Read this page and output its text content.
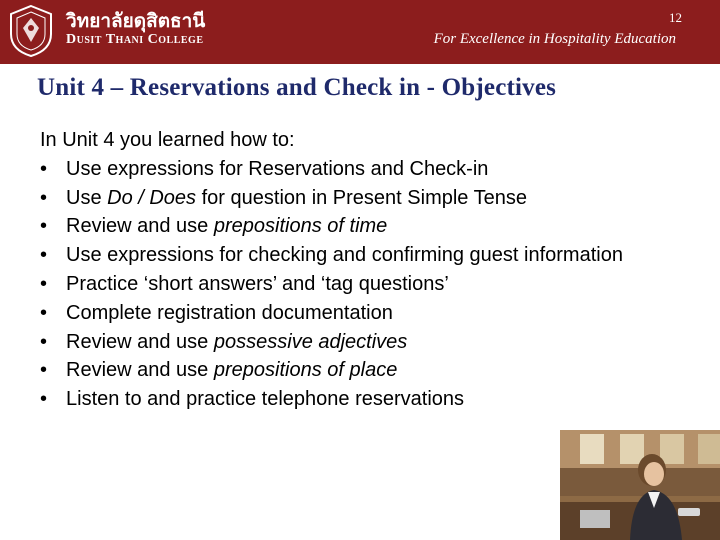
วิทยาลัยดุสิตธานี
Dusit Thani College
12
For Excellence in Hospitality Education
Unit 4 – Reservations and Check in - Objectives

In Unit 4 you learned how to:

• Use expressions for Reservations and Check-in
• Use Do / Does for question in Present Simple Tense
• Review and use prepositions of time
• Use expressions for checking and confirming guest information
• Practice ‘short answers’ and ‘tag questions’
• Complete registration documentation
• Review and use possessive adjectives
• Review and use prepositions of place
• Listen to and practice telephone reservations
